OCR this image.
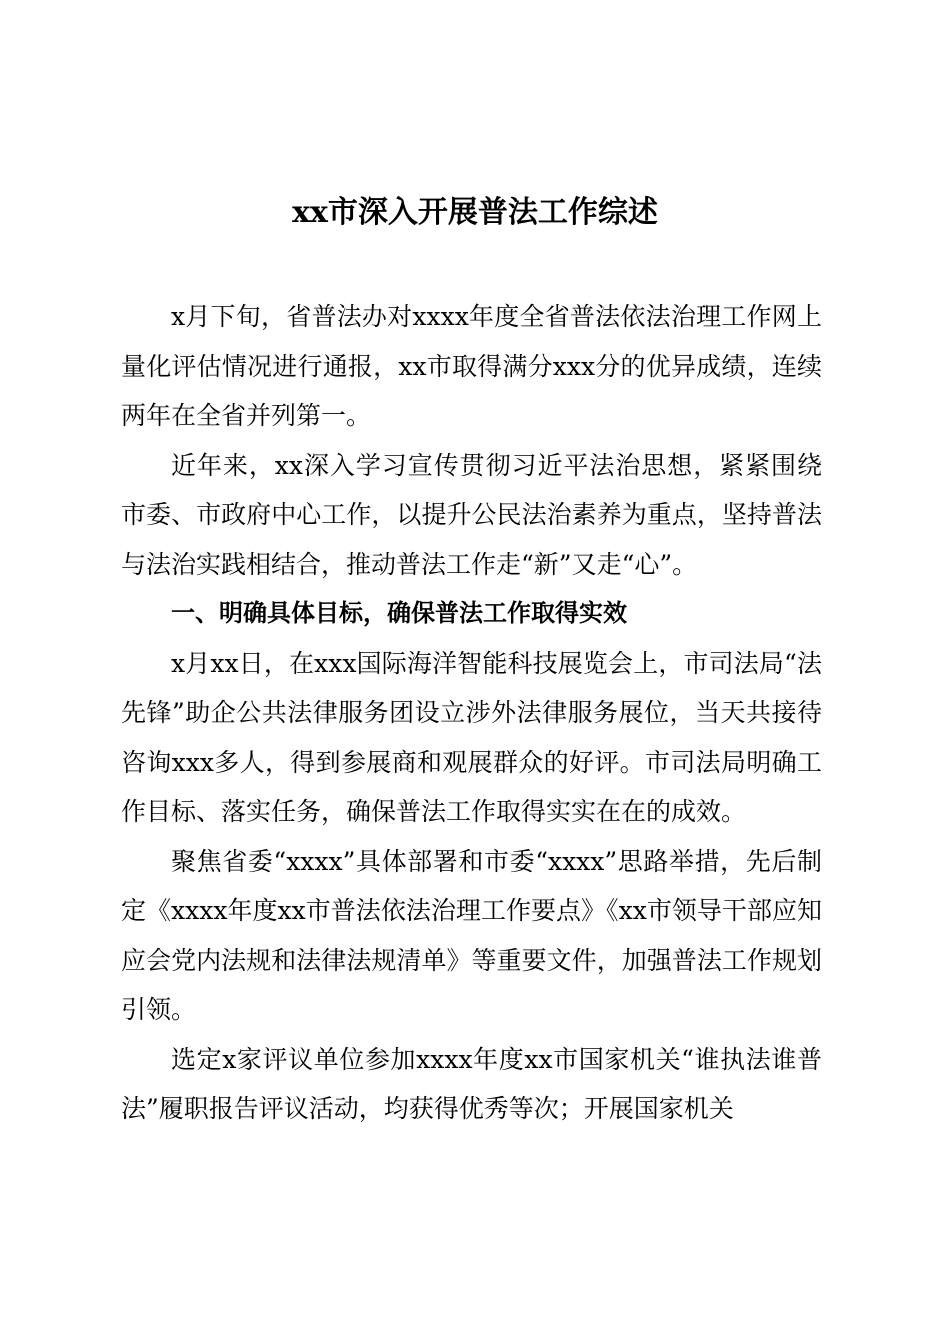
xx市深入开展普法工作综述

x月下旬，省普法办对xxxx年度全省普法依法治理工作网上量化评估情况进行通报，xx市取得满分xxx分的优异成绩，连续两年在全省并列第一。

近年来，xx深入学习宣传贯彻习近平法治思想，紧紧围绕市委、市政府中心工作，以提升公民法治素养为重点，坚持普法与法治实践相结合，推动普法工作走“新”又走“心”。

一、明确具体目标，确保普法工作取得实效

x月xx日，在xxx国际海洋智能科技展览会上，市司法局“法先锋”助企公共法律服务团设立涉外法律服务展位，当天共接待咨询xxx多人，得到参展商和观展群众的好评。市司法局明确工作目标、落实任务，确保普法工作取得实实在在的成效。

聚焦省委“xxxx”具体部署和市委“xxxx”思路举措，先后制定《xxxx年度xx市普法依法治理工作要点》《xx市领导干部应知应会党内法规和法律法规清单》等重要文件，加强普法工作规划引领。

选定x家评议单位参加xxxx年度xx市国家机关“谁执法谁普法”履职报告评议活动，均获得优秀等次；开展国家机关
